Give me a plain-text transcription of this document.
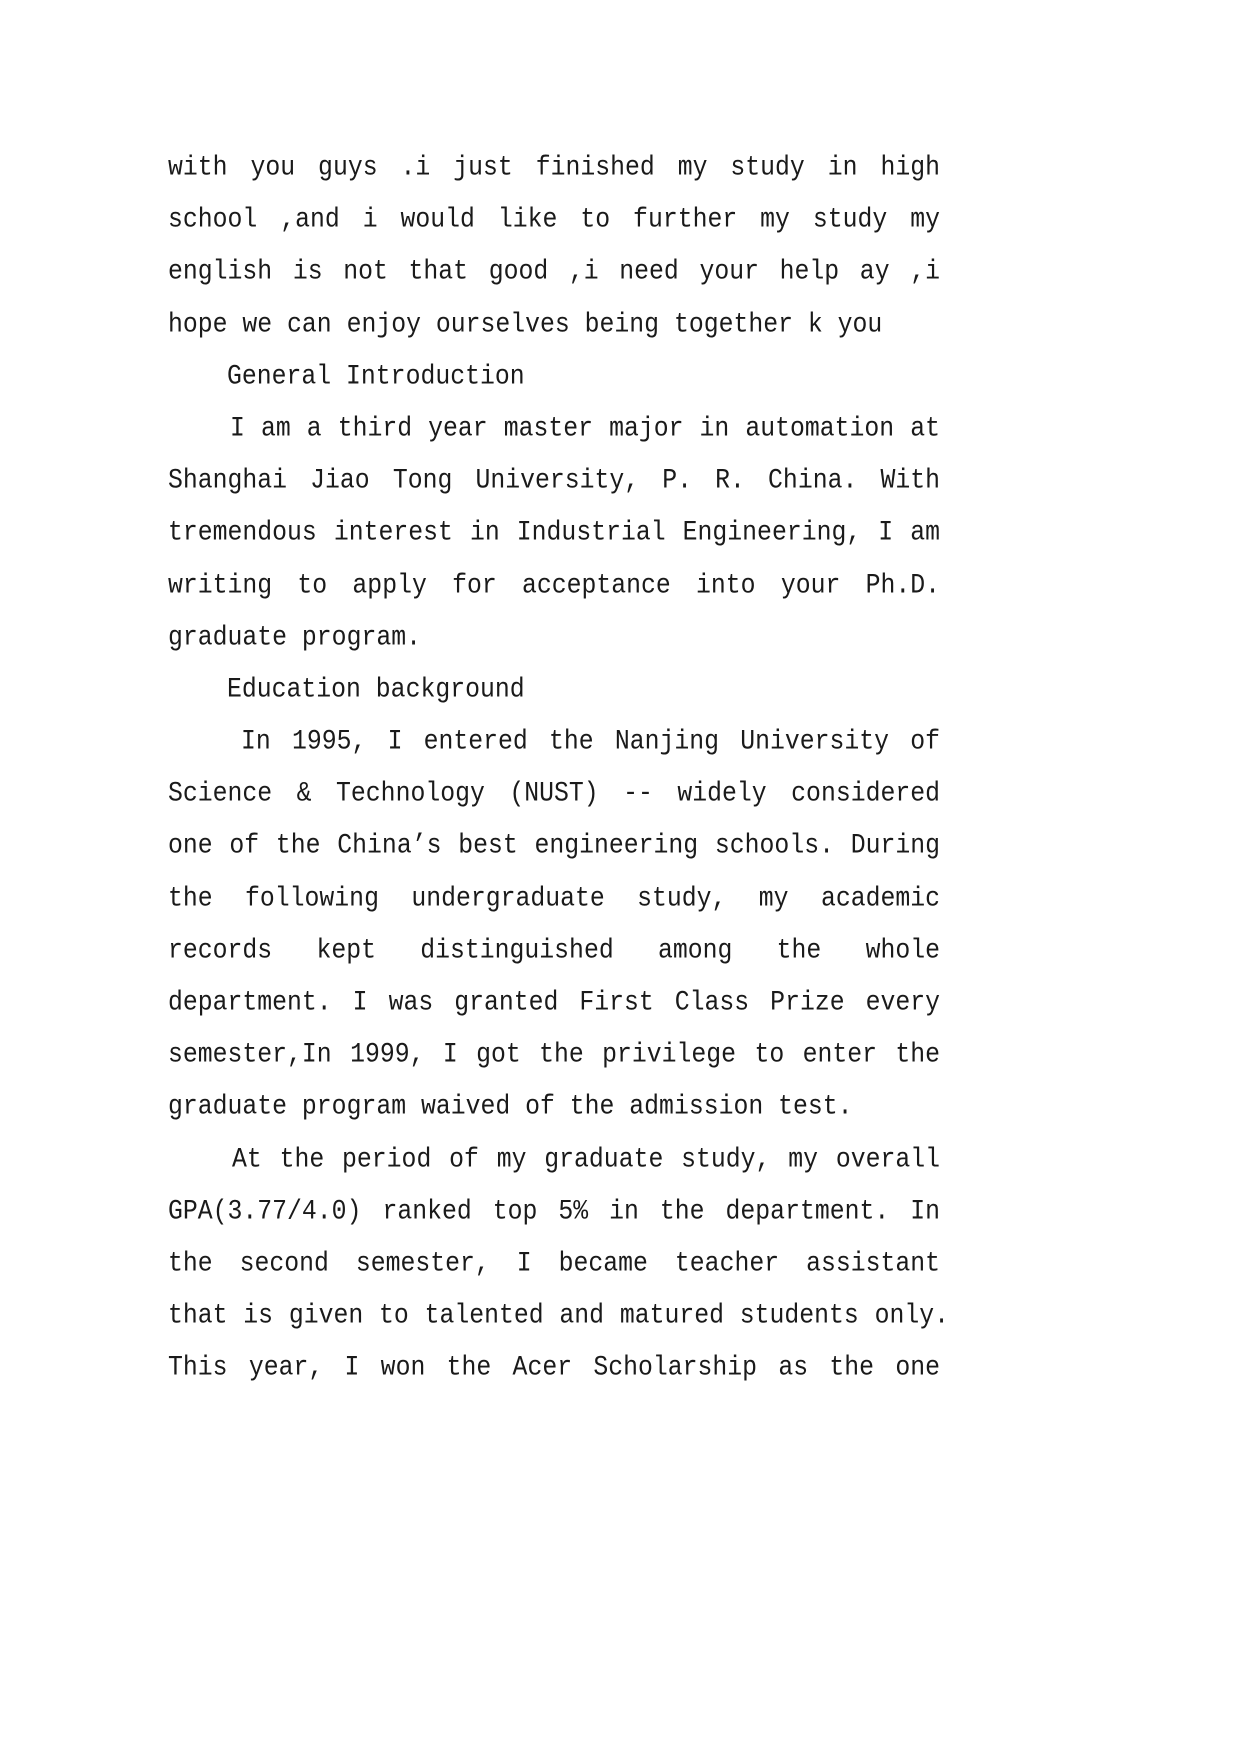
with you guys .i just finished my study in high
school ,and i would like to further my study my
english is not that good ,i need your help ay ,i
hope we can enjoy ourselves being together k you
General Introduction
I am a third year master major in automation at
Shanghai Jiao Tong University, P. R. China. With
tremendous interest in Industrial Engineering, I am
writing to apply for acceptance into your Ph.D.
graduate program.
Education background
In 1995, I entered the Nanjing University of
Science & Technology (NUST) -- widely considered
one of the China’s best engineering schools. During
the following undergraduate study, my academic
records kept distinguished among the whole
department. I was granted First Class Prize every
semester,In 1999, I got the privilege to enter the
graduate program waived of the admission test.
At the period of my graduate study, my overall
GPA(3.77/4.0) ranked top 5% in the department. In
the second semester, I became teacher assistant
that is given to talented and matured students only.
This year, I won the Acer Scholarship as the one
